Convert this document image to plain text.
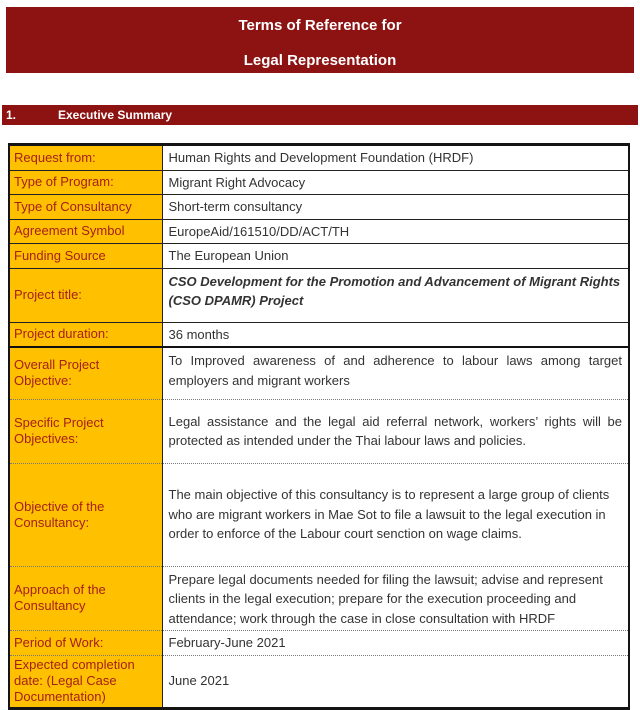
Terms of Reference for
Legal Representation
1.	Executive Summary
Request from:	Human Rights and Development Foundation (HRDF)

Type of Program:	Migrant Right Advocacy

Type of Consultancy	Short-term consultancy

Agreement Symbol	EuropeAid/161510/DD/ACT/TH

Funding Source	The European Union

Project title:	CSO Development for the Promotion and Advancement of Migrant Rights (CSO DPAMR) Project

Project duration:	36 months

Overall Project Objective:	To Improved awareness of and adherence to labour laws among target employers and migrant workers

Specific Project Objectives:	Legal assistance and the legal aid referral network, workers’ rights will be protected as intended under the Thai labour laws and policies.

Objective of the Consultancy:	The main objective of this consultancy is to represent a large group of clients who are migrant workers in Mae Sot to file a lawsuit to the legal execution in order to enforce of the Labour court senction on wage claims.

Approach of the Consultancy	Prepare legal documents needed for filing the lawsuit; advise and represent clients in the legal execution; prepare for the execution proceeding and attendance; work through the case in close consultation with HRDF

Period of Work:	February-June 2021

Expected completion date: (Legal Case Documentation)	June 2021
